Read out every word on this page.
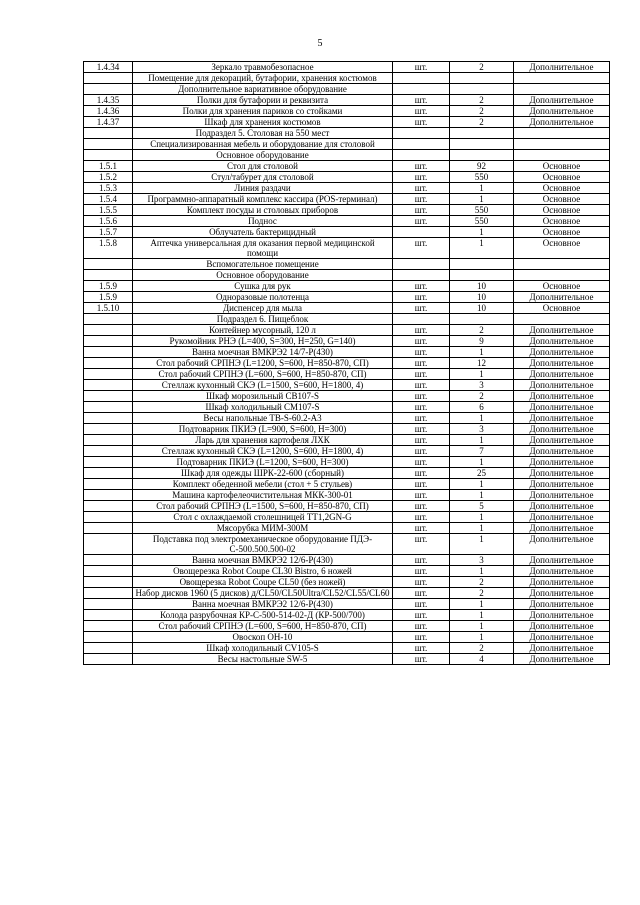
5
1.4.34	Зеркало травмобезопасное	шт.	2	Дополнительное
	Помещение для декораций, бутафории, хранения костюмов			
	Дополнительное вариативное оборудование			
1.4.35	Полки для бутафории и реквизита	шт.	2	Дополнительное
1.4.36	Полки для хранения париков со стойками	шт.	2	Дополнительное
1.4.37	Шкаф для хранения костюмов	шт.	2	Дополнительное
	Подраздел 5. Столовая на 550 мест			
	Специализированная мебель и оборудование для столовой			
	Основное оборудование			
1.5.1	Стол для столовой	шт.	92	Основное
1.5.2	Стул/табурет для столовой	шт.	550	Основное
1.5.3	Линия раздачи	шт.	1	Основное
1.5.4	Программно-аппаратный комплекс кассира (POS-терминал)	шт.	1	Основное
1.5.5	Комплект посуды и столовых приборов	шт.	550	Основное
1.5.6	Поднос	шт.	550	Основное
1.5.7	Облучатель бактерицидный		1	Основное
1.5.8	Аптечка универсальная для оказания первой медицинской помощи	шт.	1	Основное
	Вспомогательное помещение			
	Основное оборудование			
1.5.9	Сушка для рук	шт.	10	Основное
1.5.9	Одноразовые полотенца	шт.	10	Дополнительное
1.5.10	Диспенсер для мыла	шт.	10	Основное
	Подраздел 6. Пищеблок			
	Контейнер мусорный, 120 л	шт.	2	Дополнительное
	Рукомойник РНЭ (L=400, S=300, H=250, G=140)	шт.	9	Дополнительное
	Ванна моечная ВМКРЭ2 14/7-Р(430)	шт.	1	Дополнительное
	Стол рабочий СРПНЭ (L=1200, S=600, H=850-870, СП)	шт.	12	Дополнительное
	Стол рабочий СРПНЭ (L=600, S=600, H=850-870, СП)	шт.	1	Дополнительное
	Стеллаж кухонный СКЭ (L=1500, S=600, H=1800, 4)	шт.	3	Дополнительное
	Шкаф морозильный СВ107-S	шт.	2	Дополнительное
	Шкаф холодильный СМ107-S	шт.	6	Дополнительное
	Весы напольные ТВ-S-60.2-А3	шт.	1	Дополнительное
	Подтоварник ПКИЭ (L=900, S=600, H=300)	шт.	3	Дополнительное
	Ларь для хранения картофеля ЛХК	шт.	1	Дополнительное
	Стеллаж кухонный СКЭ (L=1200, S=600, H=1800, 4)	шт.	7	Дополнительное
	Подтоварник ПКИЭ (L=1200, S=600, H=300)	шт.	1	Дополнительное
	Шкаф для одежды ШРК-22-600 (сборный)	шт.	25	Дополнительное
	Комплект обеденной мебели (стол + 5 стульев)	шт.	1	Дополнительное
	Машина картофелеочистительная МКК-300-01	шт.	1	Дополнительное
	Стол рабочий СРПНЭ (L=1500, S=600, H=850-870, СП)	шт.	5	Дополнительное
	Стол с охлаждаемой столешницей ТТ1,2GN-G	шт.	1	Дополнительное
	Мясорубка МИМ-300М	шт.	1	Дополнительное
	Подставка под электромеханическое оборудование ПДЭ-С-500.500.500-02	шт.	1	Дополнительное
	Ванна моечная ВМКРЭ2 12/6-Р(430)	шт.	3	Дополнительное
	Овощерезка Robot Coupe CL30 Bistro, 6 ножей	шт.	1	Дополнительное
	Овощерезка Robot Coupe CL50 (без ножей)	шт.	2	Дополнительное
	Набор дисков 1960 (5 дисков) д/CL50/CL50Ultra/CL52/CL55/CL60	шт.	2	Дополнительное
	Ванна моечная ВМКРЭ2 12/6-Р(430)	шт.	1	Дополнительное
	Колода разрубочная КР-С-500-514-02-Д (КР-500/700)	шт.	1	Дополнительное
	Стол рабочий СРПНЭ (L=600, S=600, H=850-870, СП)	шт.	1	Дополнительное
	Овоскоп ОН-10	шт.	1	Дополнительное
	Шкаф холодильный CV105-S	шт.	2	Дополнительное
	Весы настольные SW-5	шт.	4	Дополнительное
